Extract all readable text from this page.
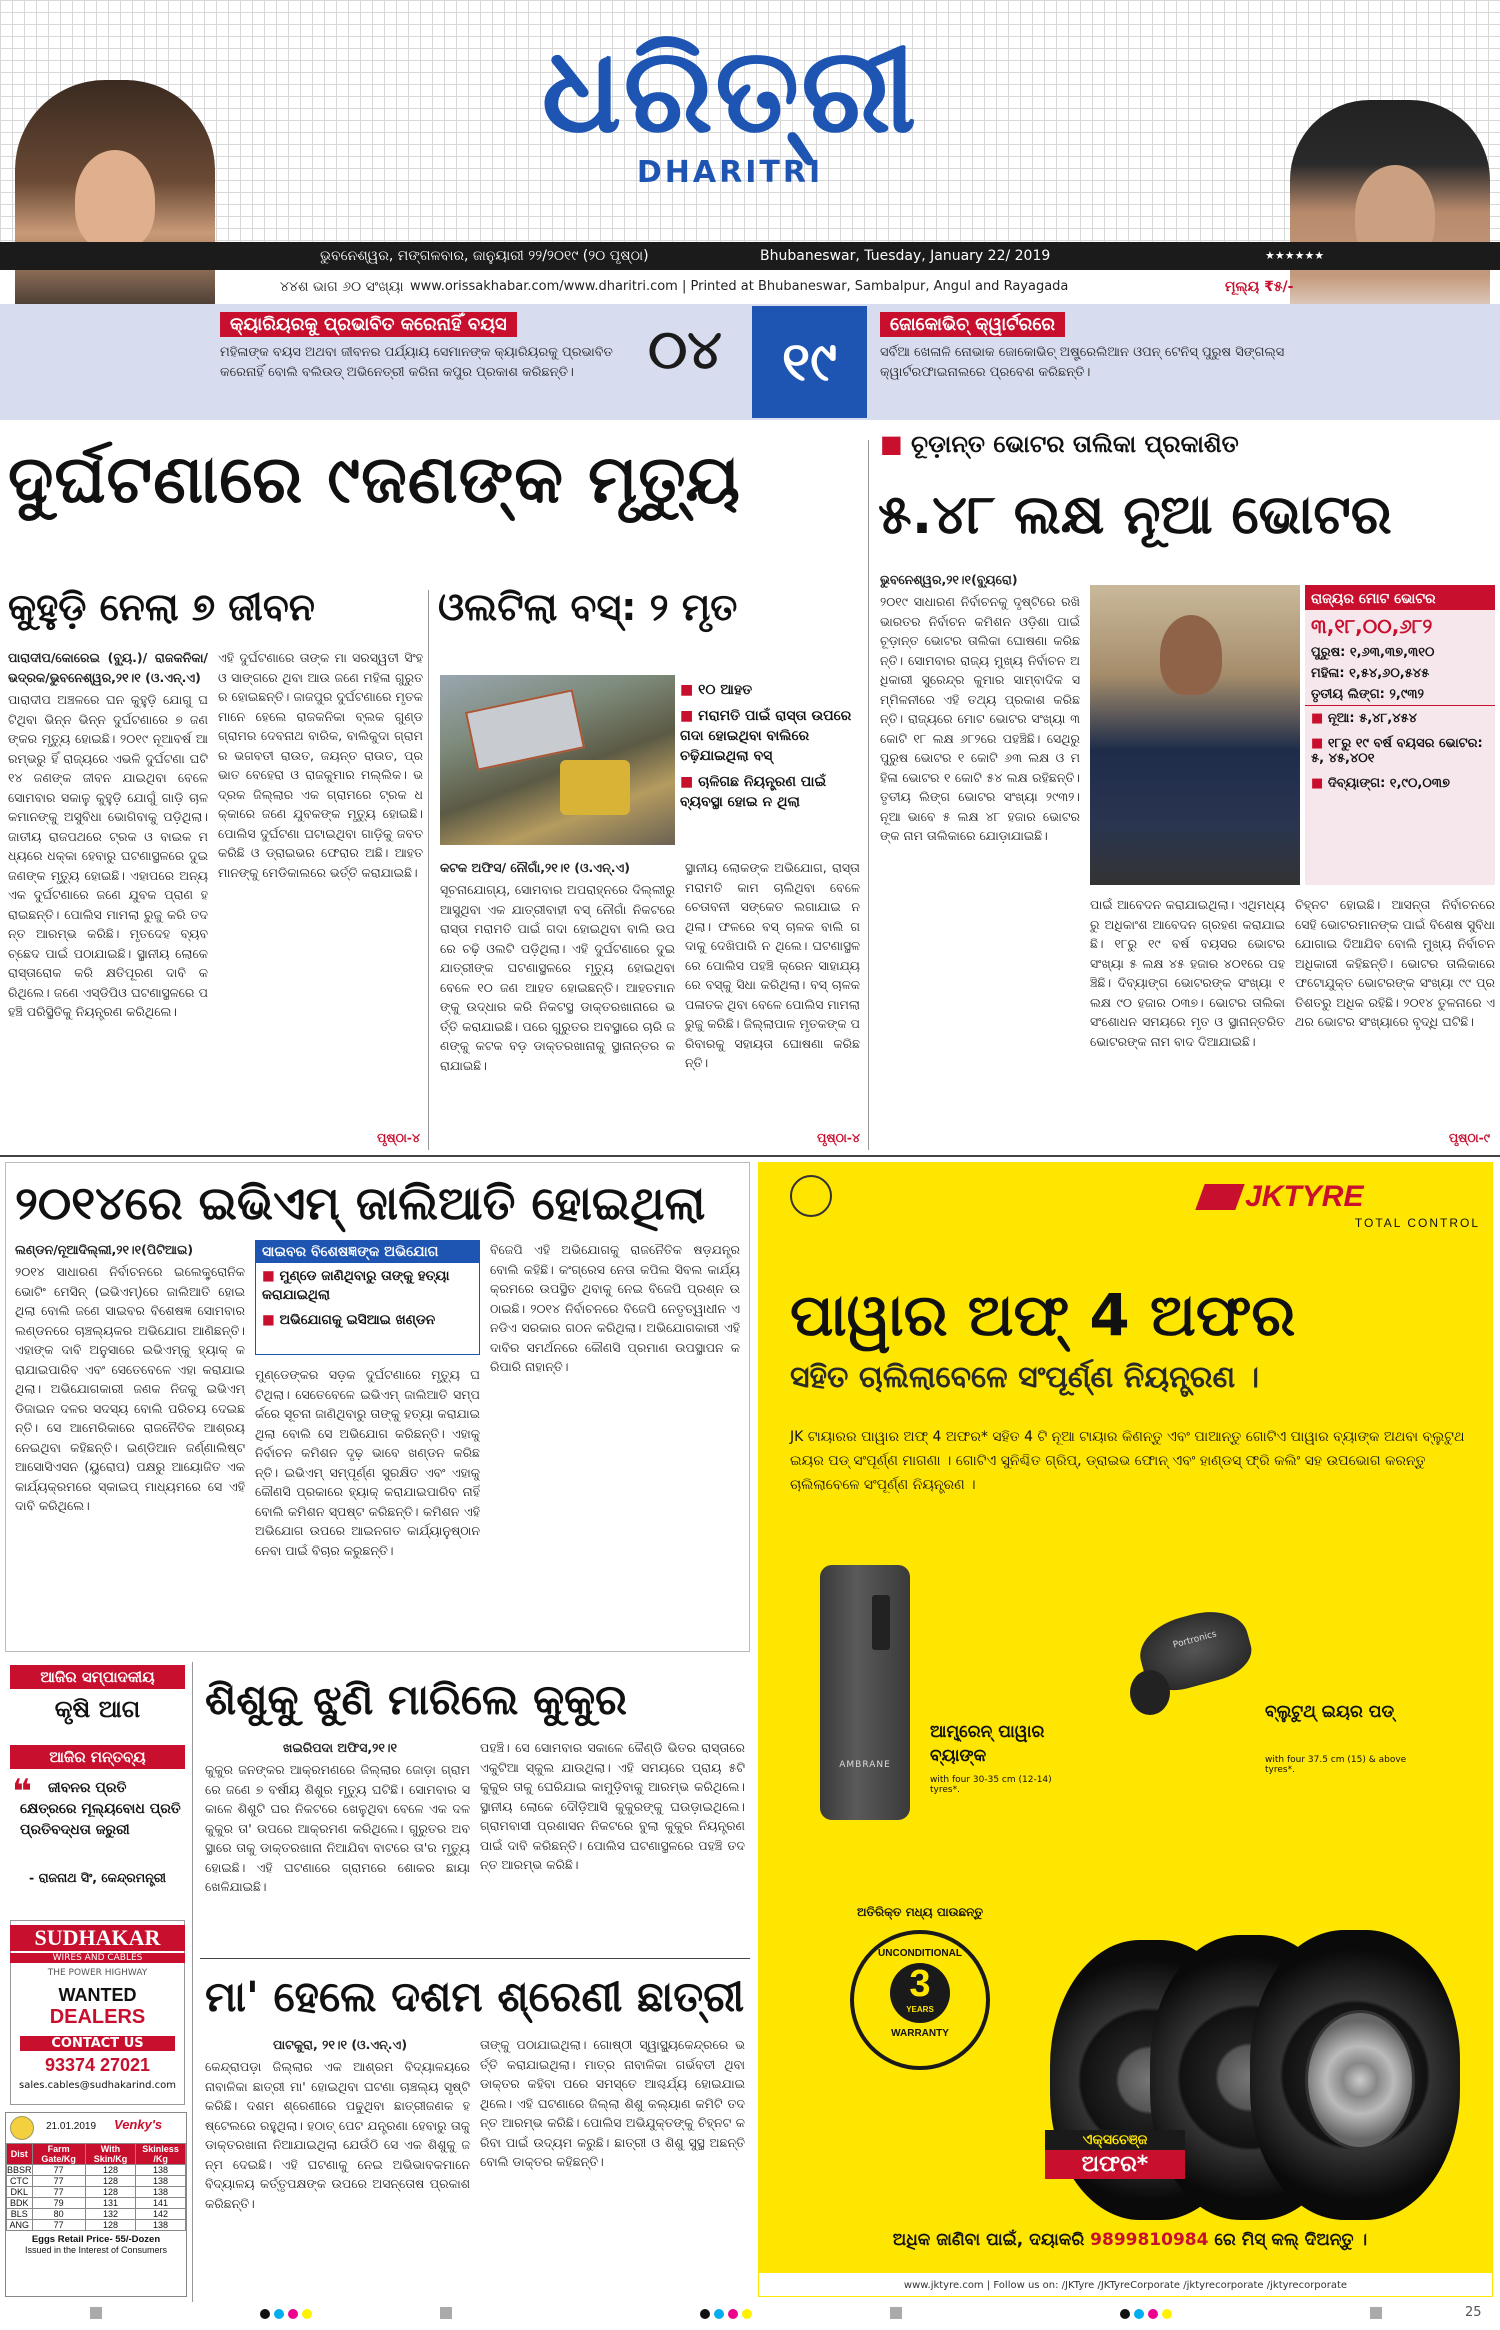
ଧରିତ୍ରୀ
DHARITRI
ଭୁବନେଶ୍ୱର, ମଙ୍ଗଳବାର, ଜାନୁୟାରୀ ୨୨/୨୦୧୯ (୨୦ ପୃଷ୍ଠା)	Bhubaneswar, Tuesday, January 22/ 2019	★★★★★★
୪୪ଶ ଭାଗ ୬୦ ସଂଖ୍ୟା www.orissakhabar.com/www.dharitri.com | Printed at Bhubaneswar, Sambalpur, Angul and Rayagada	ମୂଲ୍ୟ ₹୫/-
କ୍ୟାରିୟରକୁ ପ୍ରଭାବିତ କରେନାହିଁ ବୟସ
ମହିଳାଙ୍କ ବୟସ ଅଥବା ଜୀବନର ପର୍ଯ୍ୟାୟ ସେମାନଙ୍କ କ୍ୟାରିୟରକୁ ପ୍ରଭାବିତ କରେନାହିଁ ବୋଲି ବଲିଉଡ୍ ଅଭିନେତ୍ରୀ କରିନା କପୁର ପ୍ରକାଶ କରିଛନ୍ତି।	୦୪	୧୯
ଜୋକୋଭିଚ୍ କ୍ୱାର୍ଟରରେ
ସର୍ବିଆ ଖେଳାଳି ନୋଭାକ ଜୋକୋଭିଚ୍ ଅଷ୍ଟ୍ରେଲିଆନ ଓପନ୍ ଟେନିସ୍ ପୁରୁଷ ସିଙ୍ଗଲ୍ସ କ୍ୱାର୍ଟରଫାଇନାଲରେ ପ୍ରବେଶ କରିଛନ୍ତି।
ଦୁର୍ଘଟଣାରେ ୯ଜଣଙ୍କ ମୃତ୍ୟୁ
କୁହୁଡ଼ି ନେଲା ୭ ଜୀବନ	ଓଲଟିଲା ବସ୍: ୨ ମୃତ
ପାରାଦୀପ/କୋରେଇ (ବ୍ୟୁ.)/ ରାଜକନିକା/ଭଦ୍ରକ/ଭୁବନେଶ୍ୱର,୨୧।୧ (ଓ.ଏନ୍.ଏ)
ପାରାଦୀପ ଅଞ୍ଚଳରେ ଘନ କୁହୁଡ଼ି ଯୋଗୁ ଘଟିଥିବା ଭିନ୍ନ ଭିନ୍ନ ଦୁର୍ଘଟଣାରେ ୭ ଜଣଙ୍କର ମୃତ୍ୟୁ ହୋଇଛି। ୨୦୧୯ ନୂଆବର୍ଷ ଆରମ୍ଭରୁ ହିଁ ରାଜ୍ୟରେ ଏଭଳି ଦୁର୍ଘଟଣା ଘଟି ୧୪ ଜଣଙ୍କ ଜୀବନ ଯାଇଥିବା ବେଳେ ସୋମବାର ସକାଳୁ କୁହୁଡ଼ି ଯୋଗୁଁ ଗାଡ଼ି ଚାଳକମାନଙ୍କୁ ଅସୁବିଧା ଭୋଗିବାକୁ ପଡ଼ିଥିଲା। ଜାତୀୟ ରାଜପଥରେ ଟ୍ରକ ଓ ବାଇକ ମଧ୍ୟରେ ଧକ୍କା ହେବାରୁ ଘଟଣାସ୍ଥଳରେ ଦୁଇ ଜଣଙ୍କ ମୃତ୍ୟୁ ହୋଇଛି। ଏହାପରେ ଅନ୍ୟ ଏକ ଦୁର୍ଘଟଣାରେ ଜଣେ ଯୁବକ ପ୍ରାଣ ହରାଇଛନ୍ତି। ପୋଲିସ ମାମଲା ରୁଜୁ କରି ତଦନ୍ତ ଆରମ୍ଭ କରିଛି। ମୃତଦେହ ବ୍ୟବଚ୍ଛେଦ ପାଇଁ ପଠାଯାଇଛି। ସ୍ଥାନୀୟ ଲୋକେ ରାସ୍ତାରୋକ କରି କ୍ଷତିପୂରଣ ଦାବି କରିଥିଲେ। ଜଣେ ଏସ୍‌ଡିପିଓ ଘଟଣାସ୍ଥଳରେ ପହଞ୍ଚି ପରିସ୍ଥିତିକୁ ନିୟନ୍ତ୍ରଣ କରିଥିଲେ।
ଏହି ଦୁର୍ଘଟଣାରେ ତାଙ୍କ ମା ସରସ୍ୱତୀ ସିଂହ ଓ ସାଙ୍ଗରେ ଥିବା ଆଉ ଜଣେ ମହିଳା ଗୁରୁତର ହୋଇଛନ୍ତି। ଜାଜପୁର ଦୁର୍ଘଟଣାରେ ମୃତକମାନେ ହେଲେ ରାଜକନିକା ବ୍ଲକ ଗୁଣ୍ଡ ଗ୍ରାମର ଦେବନାଥ ବାରିକ, ବାଲିକୁଦା ଗ୍ରାମର ଭଗବତୀ ରାଉତ, ଜୟନ୍ତ ରାଉତ, ପ୍ରଭାତ ବେହେରା ଓ ରାଜକୁମାର ମଲ୍ଲିକ। ଭଦ୍ରକ ଜିଲ୍ଲାର ଏକ ଗ୍ରାମରେ ଟ୍ରକ ଧକ୍କାରେ ଜଣେ ଯୁବକଙ୍କ ମୃତ୍ୟୁ ହୋଇଛି। ପୋଲିସ ଦୁର୍ଘଟଣା ଘଟାଇଥିବା ଗାଡ଼ିକୁ ଜବତ କରିଛି ଓ ଡ୍ରାଇଭର ଫେରାର ଅଛି। ଆହତମାନଙ୍କୁ ମେଡିକାଲରେ ଭର୍ତ୍ତି କରାଯାଇଛି।
ପୃଷ୍ଠା-୪
■ ୧୦ ଆହତ
■ ମରାମତି ପାଇଁ ରାସ୍ତା ଉପରେ ଗଦା ହୋଇଥିବା ବାଲିରେ ଚଢ଼ିଯାଇଥିଲା ବସ୍
■ ଚାଳିଗଛ ନିୟନ୍ତ୍ରଣ ପାଇଁ ବ୍ୟବସ୍ଥା ହୋଇ ନ ଥିଲା
କଟକ ଅଫିସ/ ନୌଗାଁ,୨୧।୧ (ଓ.ଏନ୍.ଏ)
ସୂଚନାଯୋଗ୍ୟ, ସୋମବାର ଅପରାହ୍ନରେ ଦିଲ୍ଲୀରୁ ଆସୁଥିବା ଏକ ଯାତ୍ରୀବାହୀ ବସ୍ ନୌଗାଁ ନିକଟରେ ରାସ୍ତା ମରାମତି ପାଇଁ ଗଦା ହୋଇଥିବା ବାଲି ଉପରେ ଚଢ଼ି ଓଲଟି ପଡ଼ିଥିଲା। ଏହି ଦୁର୍ଘଟଣାରେ ଦୁଇ ଯାତ୍ରୀଙ୍କ ଘଟଣାସ୍ଥଳରେ ମୃତ୍ୟୁ ହୋଇଥିବା ବେଳେ ୧୦ ଜଣ ଆହତ ହୋଇଛନ୍ତି। ଆହତମାନଙ୍କୁ ଉଦ୍ଧାର କରି ନିକଟସ୍ଥ ଡାକ୍ତରଖାନାରେ ଭର୍ତ୍ତି କରାଯାଇଛି। ପରେ ଗୁରୁତର ଅବସ୍ଥାରେ ଚାରି ଜଣଙ୍କୁ କଟକ ବଡ଼ ଡାକ୍ତରଖାନାକୁ ସ୍ଥାନାନ୍ତର କରାଯାଇଛି।
ସ୍ଥାନୀୟ ଲୋକଙ୍କ ଅଭିଯୋଗ, ରାସ୍ତା ମରାମତି କାମ ଚାଲିଥିବା ବେଳେ ଚେତାବନୀ ସଙ୍କେତ ଲଗାଯାଇ ନ ଥିଲା। ଫଳରେ ବସ୍ ଚାଳକ ବାଲି ଗଦାକୁ ଦେଖିପାରି ନ ଥିଲେ। ଘଟଣାସ୍ଥଳରେ ପୋଲିସ ପହଞ୍ଚି କ୍ରେନ ସାହାଯ୍ୟରେ ବସ୍‌କୁ ସିଧା କରିଥିଲା। ବସ୍ ଚାଳକ ପଳାତକ ଥିବା ବେଳେ ପୋଲିସ ମାମଲା ରୁଜୁ କରିଛି। ଜିଲ୍ଲାପାଳ ମୃତକଙ୍କ ପରିବାରକୁ ସହାୟତା ଘୋଷଣା କରିଛନ୍ତି।
ପୃଷ୍ଠା-୪
■ ଚୂଡ଼ାନ୍ତ ଭୋଟର ତାଲିକା ପ୍ରକାଶିତ
୫.୪୮ ଲକ୍ଷ ନୂଆ ଭୋଟର
ଭୁବନେଶ୍ୱର,୨୧।୧(ବ୍ୟୁରୋ)
୨୦୧୯ ସାଧାରଣ ନିର୍ବାଚନକୁ ଦୃଷ୍ଟିରେ ରଖି ଭାରତର ନିର୍ବାଚନ କମିଶନ ଓଡ଼ିଶା ପାଇଁ ଚୂଡ଼ାନ୍ତ ଭୋଟର ତାଲିକା ଘୋଷଣା କରିଛନ୍ତି। ସୋମବାର ରାଜ୍ୟ ମୁଖ୍ୟ ନିର୍ବାଚନ ଅଧିକାରୀ ସୁରେନ୍ଦ୍ର କୁମାର ସାମ୍ବାଦିକ ସମ୍ମିଳନୀରେ ଏହି ତଥ୍ୟ ପ୍ରକାଶ କରିଛନ୍ତି। ରାଜ୍ୟରେ ମୋଟ ଭୋଟର ସଂଖ୍ୟା ୩ କୋଟି ୧୮ ଲକ୍ଷ ୬୮୨ରେ ପହଞ୍ଚିଛି। ସେଥିରୁ ପୁରୁଷ ଭୋଟର ୧ କୋଟି ୬୩ ଲକ୍ଷ ଓ ମହିଳା ଭୋଟର ୧ କୋଟି ୫୪ ଲକ୍ଷ ରହିଛନ୍ତି। ତୃତୀୟ ଲିଙ୍ଗ ଭୋଟର ସଂଖ୍ୟା ୨୯୩୨। ନୂଆ ଭାବେ ୫ ଲକ୍ଷ ୪୮ ହଜାର ଭୋଟରଙ୍କ ନାମ ତାଲିକାରେ ଯୋଡ଼ାଯାଇଛି।
ରାଜ୍ୟର ମୋଟ ଭୋଟର
୩,୧୮,୦୦,୬୮୨
ପୁରୁଷ: ୧,୬୩,୩୭,୩୧୦
ମହିଳା: ୧,୫୪,୬୦,୫୪୫
ତୃତୀୟ ଲିଙ୍ଗ: ୨,୯୩୨
■ ନୂଆ: ୫,୪୮,୪୫୪
■ ୧୮ରୁ ୧୯ ବର୍ଷ ବୟସର ଭୋଟର: ୫, ୪୫,୪୦୧
■ ଦିବ୍ୟାଙ୍ଗ: ୧,୯୦,୦୩୭
ପାଇଁ ଆବେଦନ କରାଯାଇଥିଲା। ଏଥିମଧ୍ୟରୁ ଅଧିକାଂଶ ଆବେଦନ ଗ୍ରହଣ କରାଯାଇଛି। ୧୮ରୁ ୧୯ ବର୍ଷ ବୟସର ଭୋଟର ସଂଖ୍ୟା ୫ ଲକ୍ଷ ୪୫ ହଜାର ୪୦୧ରେ ପହଞ୍ଚିଛି। ଦିବ୍ୟାଙ୍ଗ ଭୋଟରଙ୍କ ସଂଖ୍ୟା ୧ ଲକ୍ଷ ୯୦ ହଜାର ୦୩୭। ଭୋଟର ତାଲିକା ସଂଶୋଧନ ସମୟରେ ମୃତ ଓ ସ୍ଥାନାନ୍ତରିତ ଭୋଟରଙ୍କ ନାମ ବାଦ ଦିଆଯାଇଛି।
ଚିହ୍ନଟ ହୋଇଛି। ଆସନ୍ତା ନିର୍ବାଚନରେ ସେହି ଭୋଟରମାନଙ୍କ ପାଇଁ ବିଶେଷ ସୁବିଧା ଯୋଗାଇ ଦିଆଯିବ ବୋଲି ମୁଖ୍ୟ ନିର୍ବାଚନ ଅଧିକାରୀ କହିଛନ୍ତି। ଭୋଟର ତାଲିକାରେ ଫଟୋଯୁକ୍ତ ଭୋଟରଙ୍କ ସଂଖ୍ୟା ୯୯ ପ୍ରତିଶତରୁ ଅଧିକ ରହିଛି। ୨୦୧୪ ତୁଳନାରେ ଏଥର ଭୋଟର ସଂଖ୍ୟାରେ ବୃଦ୍ଧି ଘଟିଛି।
ପୃଷ୍ଠା-୯
୨୦୧୪ରେ ଇଭିଏମ୍ ଜାଲିଆତି ହୋଇଥିଲା
ଲଣ୍ଡନ/ନୂଆଦିଲ୍ଲୀ,୨୧।୧(ପିଟିଆଇ)
୨୦୧୪ ସାଧାରଣ ନିର୍ବାଚନରେ ଇଲେକ୍ଟ୍ରୋନିକ ଭୋଟିଂ ମେସିନ୍ (ଇଭିଏମ୍)ରେ ଜାଲିଆତି ହୋଇଥିଲା ବୋଲି ଜଣେ ସାଇବର ବିଶେଷଜ୍ଞ ସୋମବାର ଲଣ୍ଡନରେ ଚାଞ୍ଚଲ୍ୟକର ଅଭିଯୋଗ ଆଣିଛନ୍ତି। ଏହାଙ୍କ ଦାବି ଅନୁସାରେ ଇଭିଏମ୍‌କୁ ହ୍ୟାକ୍ କରାଯାଇପାରିବ ଏବଂ ସେତେବେଳେ ଏହା କରାଯାଇଥିଲା। ଅଭିଯୋଗକାରୀ ଜଣକ ନିଜକୁ ଇଭିଏମ୍ ଡିଜାଇନ ଦଳର ସଦସ୍ୟ ବୋଲି ପରିଚୟ ଦେଇଛନ୍ତି। ସେ ଆମେରିକାରେ ରାଜନୈତିକ ଆଶ୍ରୟ ନେଇଥିବା କହିଛନ୍ତି। ଇଣ୍ଡିଆନ ଜର୍ଣ୍ଣାଲିଷ୍ଟ ଆସୋସିଏସନ (ୟୁରୋପ) ପକ୍ଷରୁ ଆୟୋଜିତ ଏକ କାର୍ଯ୍ୟକ୍ରମରେ ସ୍କାଇପ୍ ମାଧ୍ୟମରେ ସେ ଏହି ଦାବି କରିଥିଲେ।
ସାଇବର ବିଶେଷଜ୍ଞଙ୍କ ଅଭିଯୋଗ
■ ମୁଣ୍ଡେ ଜାଣିଥିବାରୁ ତାଙ୍କୁ ହତ୍ୟା କରାଯାଇଥିଲା
■ ଅଭିଯୋଗକୁ ଇସିଆଇ ଖଣ୍ଡନ
ମୁଣ୍ଡେଙ୍କର ସଡ଼କ ଦୁର୍ଘଟଣାରେ ମୃତ୍ୟୁ ଘଟିଥିଲା। ସେତେବେଳେ ଇଭିଏମ୍ ଜାଲିଆତି ସମ୍ପର୍କରେ ସୂଚନା ଜାଣିଥିବାରୁ ତାଙ୍କୁ ହତ୍ୟା କରାଯାଇଥିଲା ବୋଲି ସେ ଅଭିଯୋଗ କରିଛନ୍ତି। ଏହାକୁ ନିର୍ବାଚନ କମିଶନ ଦୃଢ଼ ଭାବେ ଖଣ୍ଡନ କରିଛନ୍ତି। ଇଭିଏମ୍ ସମ୍ପୂର୍ଣ୍ଣ ସୁରକ୍ଷିତ ଏବଂ ଏହାକୁ କୌଣସି ପ୍ରକାରେ ହ୍ୟାକ୍ କରାଯାଇପାରିବ ନାହିଁ ବୋଲି କମିଶନ ସ୍ପଷ୍ଟ କରିଛନ୍ତି। କମିଶନ ଏହି ଅଭିଯୋଗ ଉପରେ ଆଇନଗତ କାର୍ଯ୍ୟାନୁଷ୍ଠାନ ନେବା ପାଇଁ ବିଚାର କରୁଛନ୍ତି।
ବିଜେପି ଏହି ଅଭିଯୋଗକୁ ରାଜନୈତିକ ଷଡ଼ଯନ୍ତ୍ର ବୋଲି କହିଛି। କଂଗ୍ରେସ ନେତା କପିଲ ସିବଲ କାର୍ଯ୍ୟକ୍ରମରେ ଉପସ୍ଥିତ ଥିବାକୁ ନେଇ ବିଜେପି ପ୍ରଶ୍ନ ଉଠାଇଛି। ୨୦୧୪ ନିର୍ବାଚନରେ ବିଜେପି ନେତୃତ୍ୱାଧୀନ ଏନଡିଏ ସରକାର ଗଠନ କରିଥିଲା। ଅଭିଯୋଗକାରୀ ଏହି ଦାବିର ସମର୍ଥନରେ କୌଣସି ପ୍ରମାଣ ଉପସ୍ଥାପନ କରିପାରି ନାହାନ୍ତି।
ଆଜିର ସମ୍ପାଦକୀୟ
କୃଷି ଆଗ
ଆଜିର ମନ୍ତବ୍ୟ
❝	ଜୀବନର ପ୍ରତି କ୍ଷେତ୍ରରେ ମୂଲ୍ୟବୋଧ ପ୍ରତି ପ୍ରତିବଦ୍ଧତା ଜରୁରୀ
- ରାଜନାଥ ସିଂ, କେନ୍ଦ୍ରମନ୍ତ୍ରୀ
SUDHAKAR
WIRES AND CABLES
THE POWER HIGHWAY
WANTED
DEALERS
CONTACT US
93374 27021
sales.cables@sudhakarind.com
21.01.2019 Venky's
Dist	Farm Gate/Kg	With Skin/Kg	Skinless /Kg
BBSR	77	128	138
CTC	77	128	138
DKL	77	128	138
BDK	79	131	141
BLS	80	132	142
ANG	77	128	138
Eggs Retail Price- 55/-Dozen
Issued in the Interest of Consumers
ଶିଶୁକୁ ଝୁଣି ମାରିଲେ କୁକୁର
ଖଇରିପଦା ଅଫିସ,୨୧।୧
କୁକୁର ଜନଙ୍କର ଆକ୍ରମଣରେ ଜିଲ୍ଲାର ଜୋଡ଼ା ଗ୍ରାମରେ ଜଣେ ୭ ବର୍ଷୀୟ ଶିଶୁର ମୃତ୍ୟୁ ଘଟିଛି। ସୋମବାର ସକାଳେ ଶିଶୁଟି ଘର ନିକଟରେ ଖେଳୁଥିବା ବେଳେ ଏକ ଦଳ କୁକୁର ତା' ଉପରେ ଆକ୍ରମଣ କରିଥିଲେ। ଗୁରୁତର ଅବସ୍ଥାରେ ତାକୁ ଡାକ୍ତରଖାନା ନିଆଯିବା ବାଟରେ ତା'ର ମୃତ୍ୟୁ ହୋଇଛି। ଏହି ଘଟଣାରେ ଗ୍ରାମରେ ଶୋକର ଛାୟା ଖେଳିଯାଇଛି।
ପହଞ୍ଚି। ସେ ସୋମବାର ସକାଳେ କୈଣ୍ଡି ଭିତର ରାସ୍ତାରେ ଏକୁଟିଆ ସ୍କୁଲ ଯାଉଥିଲା। ଏହି ସମୟରେ ପ୍ରାୟ ୫ଟି କୁକୁର ତାକୁ ଘେରିଯାଇ କାମୁଡ଼ିବାକୁ ଆରମ୍ଭ କରିଥିଲେ। ସ୍ଥାନୀୟ ଲୋକେ ଦୌଡ଼ିଆସି କୁକୁରଙ୍କୁ ଘଉଡ଼ାଇଥିଲେ। ଗ୍ରାମବାସୀ ପ୍ରଶାସନ ନିକଟରେ ବୁଲା କୁକୁର ନିୟନ୍ତ୍ରଣ ପାଇଁ ଦାବି କରିଛନ୍ତି। ପୋଲିସ ଘଟଣାସ୍ଥଳରେ ପହଞ୍ଚି ତଦନ୍ତ ଆରମ୍ଭ କରିଛି।
ମା' ହେଲେ ଦଶମ ଶ୍ରେଣୀ ଛାତ୍ରୀ
ପାଟକୁରା, ୨୧।୧ (ଓ.ଏନ୍.ଏ)
କେନ୍ଦ୍ରାପଡ଼ା ଜିଲ୍ଲାର ଏକ ଆଶ୍ରମ ବିଦ୍ୟାଳୟରେ ନାବାଳିକା ଛାତ୍ରୀ ମା' ହୋଇଥିବା ଘଟଣା ଚାଞ୍ଚଲ୍ୟ ସୃଷ୍ଟି କରିଛି। ଦଶମ ଶ୍ରେଣୀରେ ପଢୁଥିବା ଛାତ୍ରୀଜଣକ ହଷ୍ଟେଲରେ ରହୁଥିଲା। ହଠାତ୍ ପେଟ ଯନ୍ତ୍ରଣା ହେବାରୁ ତାକୁ ଡାକ୍ତରଖାନା ନିଆଯାଇଥିଲା ଯେଉଁଠି ସେ ଏକ ଶିଶୁକୁ ଜନ୍ମ ଦେଇଛି। ଏହି ଘଟଣାକୁ ନେଇ ଅଭିଭାବକମାନେ ବିଦ୍ୟାଳୟ କର୍ତ୍ତୃପକ୍ଷଙ୍କ ଉପରେ ଅସନ୍ତୋଷ ପ୍ରକାଶ କରିଛନ୍ତି।
ତାଙ୍କୁ ପଠାଯାଇଥିଲା। ଗୋଷ୍ଠୀ ସ୍ୱାସ୍ଥ୍ୟକେନ୍ଦ୍ରରେ ଭର୍ତ୍ତି କରାଯାଇଥିଲା। ମାତ୍ର ନାବାଳିକା ଗର୍ଭବତୀ ଥିବା ଡାକ୍ତର କହିବା ପରେ ସମସ୍ତେ ଆଶ୍ଚର୍ଯ୍ୟ ହୋଇଯାଇଥିଲେ। ଏହି ଘଟଣାରେ ଜିଲ୍ଲା ଶିଶୁ କଲ୍ୟାଣ କମିଟି ତଦନ୍ତ ଆରମ୍ଭ କରିଛି। ପୋଲିସ ଅଭିଯୁକ୍ତଙ୍କୁ ଚିହ୍ନଟ କରିବା ପାଇଁ ଉଦ୍ୟମ କରୁଛି। ଛାତ୍ରୀ ଓ ଶିଶୁ ସୁସ୍ଥ ଅଛନ୍ତି ବୋଲି ଡାକ୍ତର କହିଛନ୍ତି।
JKTYRE
TOTAL CONTROL
ପାୱାର ଅଫ୍ 4 ଅଫର
ସହିତ ଚାଲିଲାବେଳେ ସଂପୂର୍ଣ୍ଣ ନିୟନ୍ତ୍ରଣ ।
JK ଟାୟାରର ପାୱାର ଅଫ୍ 4 ଅଫର* ସହିତ 4 ଟି ନୂଆ ଟାୟାର କିଣନ୍ତୁ ଏବଂ ପାଆନ୍ତୁ ଗୋଟିଏ ପାୱାର ବ୍ୟାଙ୍କ ଅଥବା ବ୍ଲୁଟୁଥ ଇୟର ପଡ୍ ସଂପୂର୍ଣ୍ଣ ମାଗଣା । ଗୋଟିଏ ସୁନିଶ୍ଚିତ ଗ୍ରିପ୍, ଡ୍ରାଇଭ ଫୋନ୍ ଏବଂ ହାଣ୍ଡସ୍ ଫ୍ରି କଲିଂ ସହ ଉପଭୋଗ କରନ୍ତୁ ଚାଲିଲାବେଳେ ସଂପୂର୍ଣ୍ଣ ନିୟନ୍ତ୍ରଣ ।
AMBRANE
ଆମ୍ବ୍ରେନ୍ ପାୱାର ବ୍ୟାଙ୍କ
with four 30-35 cm (12-14) tyres*.
Portronics
ବ୍ଲୁଟୁଥ୍ ଇୟର ପଡ୍
with four 37.5 cm (15) & above tyres*.
ଅତିରିକ୍ତ ମଧ୍ୟ ପାଉଛନ୍ତୁ
UNCONDITIONAL
3
YEARS
WARRANTY
ଏକ୍ସଚେଞ୍ଜ
ଅଫର*
ଅଧିକ ଜାଣିବା ପାଇଁ, ଦୟାକରି 9899810984 ରେ ମିସ୍ କଲ୍ ଦିଅନ୍ତୁ ।
www.jktyre.com | Follow us on: /JKTyre /JKTyreCorporate /jktyrecorporate /jktyrecorporate
25
